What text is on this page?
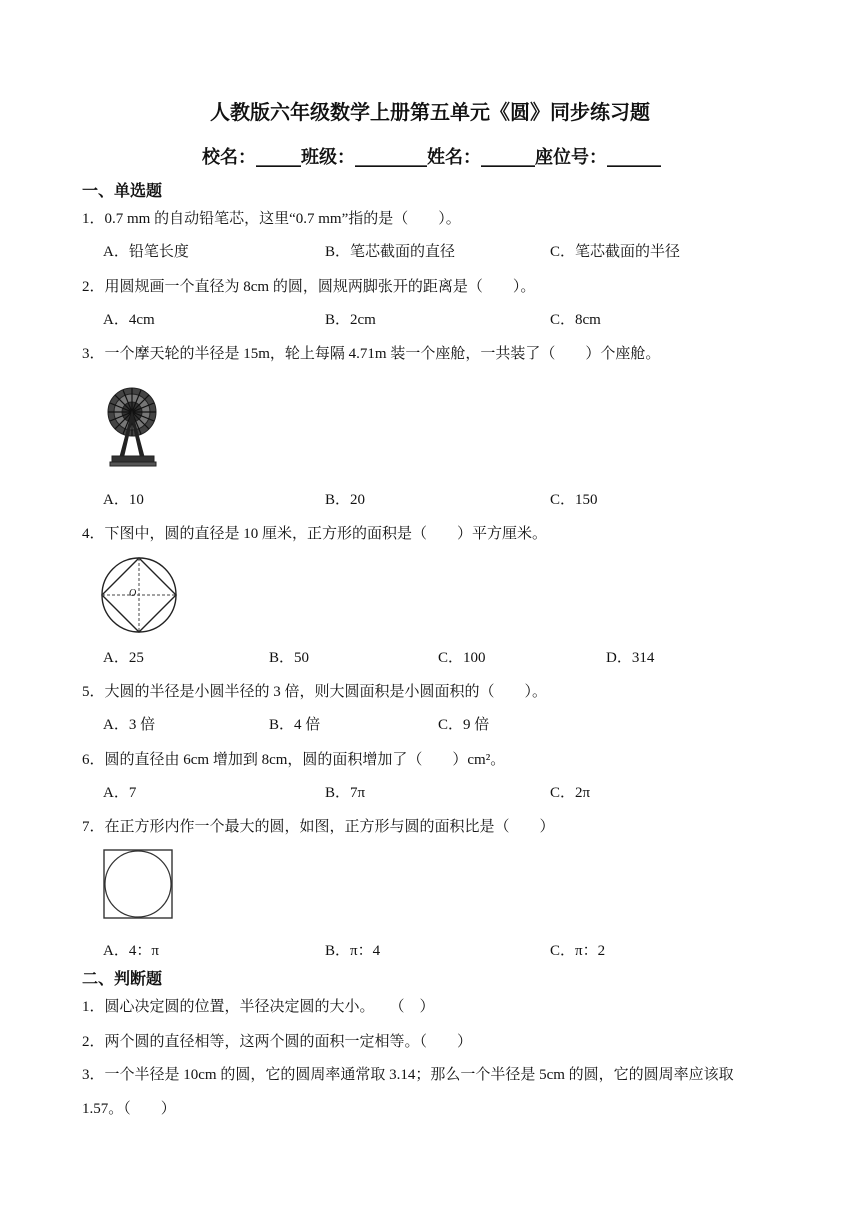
人教版六年级数学上册第五单元《圆》同步练习题
校名：_____班级：________姓名：______座位号：______
一、单选题
1．0.7 mm 的自动铅笔芯，这里“0.7 mm”指的是（　　）。
A．铅笔长度	B．笔芯截面的直径	C．笔芯截面的半径
2．用圆规画一个直径为 8cm 的圆，圆规两脚张开的距离是（　　）。
A．4cm	B．2cm	C．8cm
3．一个摩天轮的半径是 15m，轮上每隔 4.71m 装一个座舱，一共装了（　　）个座舱。
A．10	B．20	C．150
4．下图中，圆的直径是 10 厘米，正方形的面积是（　　）平方厘米。
O
A．25	B．50	C．100	D．314
5．大圆的半径是小圆半径的 3 倍，则大圆面积是小圆面积的（　　）。
A．3 倍	B．4 倍	C．9 倍
6．圆的直径由 6cm 增加到 8cm，圆的面积增加了（　　）cm²。
A．7	B．7π	C．2π
7．在正方形内作一个最大的圆，如图，正方形与圆的面积比是（　　）
A．4：π	B．π：4	C．π：2
二、判断题
1．圆心决定圆的位置，半径决定圆的大小。　　（　）
2．两个圆的直径相等，这两个圆的面积一定相等。（　　）
3．一个半径是 10cm 的圆，它的圆周率通常取 3.14；那么一个半径是 5cm 的圆，它的圆周率应该取
1.57。（　　）
